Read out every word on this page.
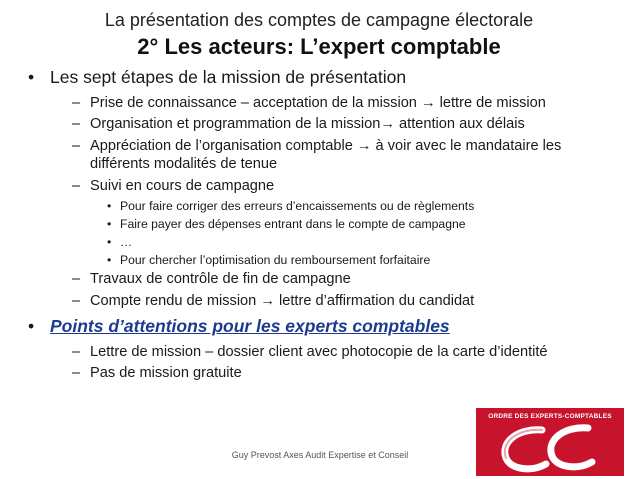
La présentation des comptes de campagne électorale
2° Les acteurs: L’expert comptable
• Les sept étapes de la mission de présentation
– Prise de connaissance – acceptation de la mission → lettre de mission
– Organisation et programmation de la mission→ attention aux délais
– Appréciation de l’organisation comptable → à voir avec le mandataire les
différents modalités de tenue
– Suivi en cours de campagne
• Pour faire corriger des erreurs d’encaissements ou de règlements
• Faire payer des dépenses entrant dans le compte de campagne
• …
• Pour chercher l’optimisation du remboursement forfaitaire
– Travaux de contrôle de fin de campagne
– Compte rendu de mission → lettre d’affirmation du candidat
• Points d’attentions pour les experts comptables
– Lettre de mission – dossier client avec photocopie de la carte d’identité
– Pas de mission gratuite
Guy Prevost Axes Audit Expertise et Conseil
ORDRE DES EXPERTS-COMPTABLES
